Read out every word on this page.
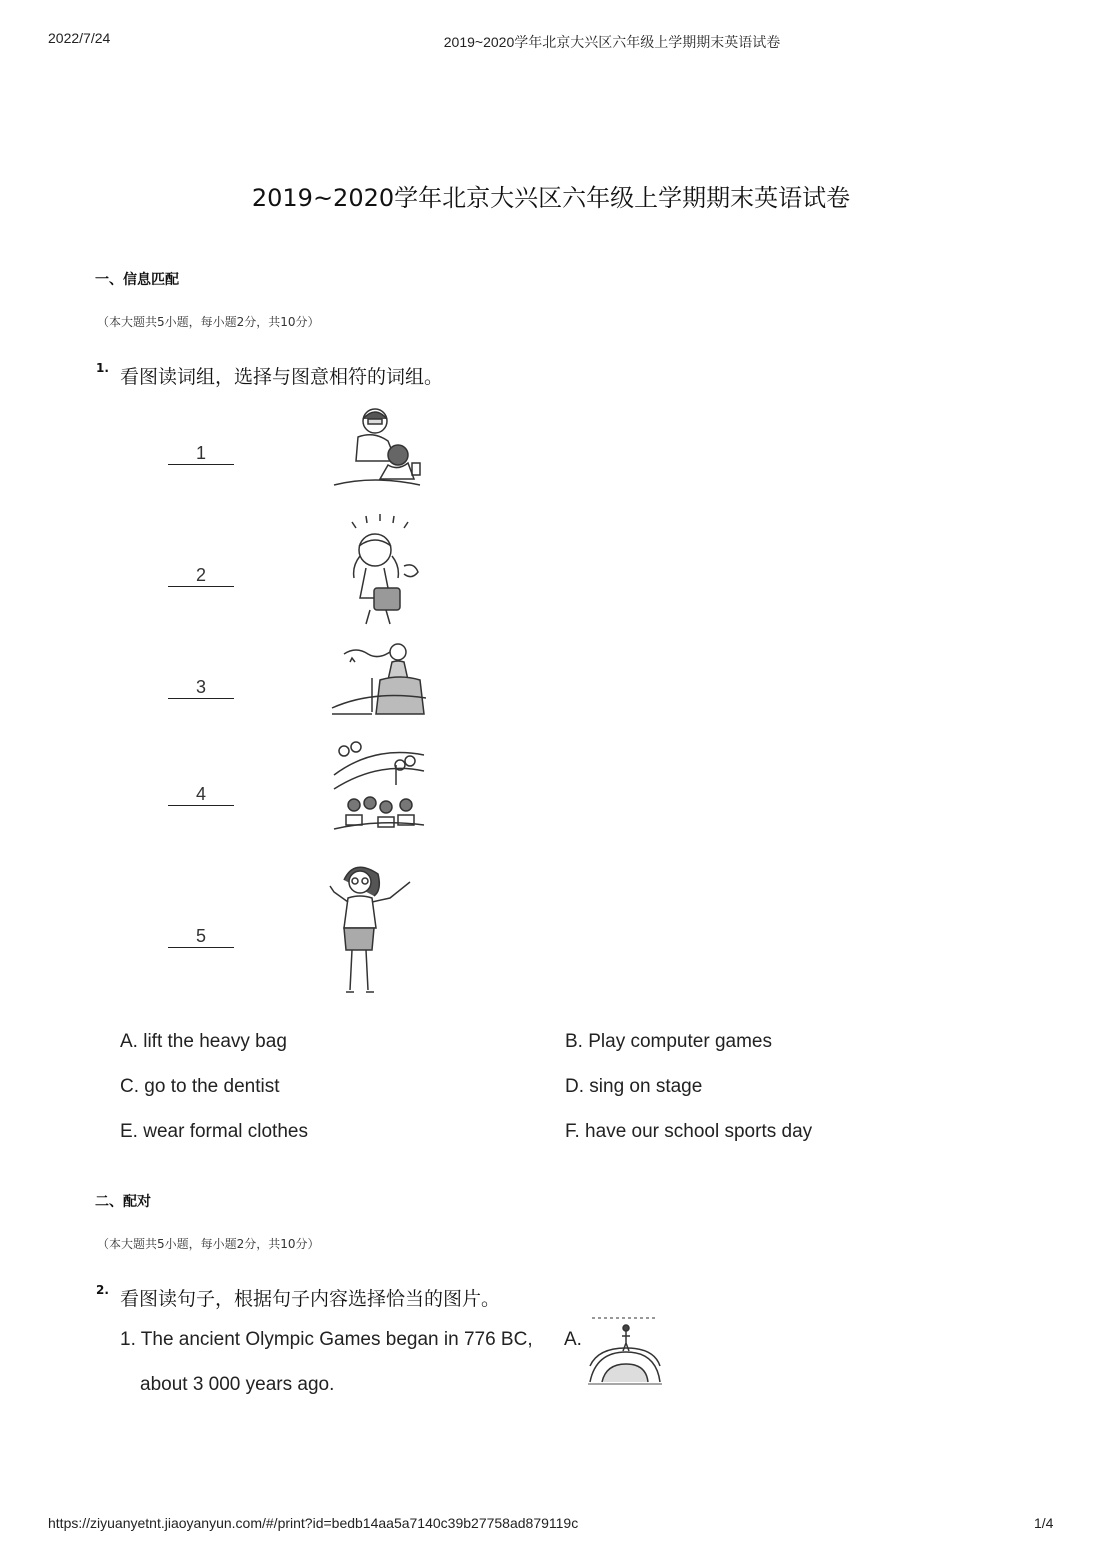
2022/7/24	2019~2020学年北京大兴区六年级上学期期末英语试卷
2019~2020学年北京大兴区六年级上学期期末英语试卷
一、信息匹配
（本大题共5小题，每小题2分，共10分）
1. 看图读词组，选择与图意相符的词组。
1
2
3
4
5
A. lift the heavy bag	B. Play computer games
C. go to the dentist	D. sing on stage
E. wear formal clothes	F. have our school sports day
二、配对
（本大题共5小题，每小题2分，共10分）
2. 看图读句子，根据句子内容选择恰当的图片。
1. The ancient Olympic Games began in 776 BC,
about 3 000 years ago.
A.
https://ziyuanyetnt.jiaoyanyun.com/#/print?id=bedb14aa5a7140c39b27758ad879119c	1/4
